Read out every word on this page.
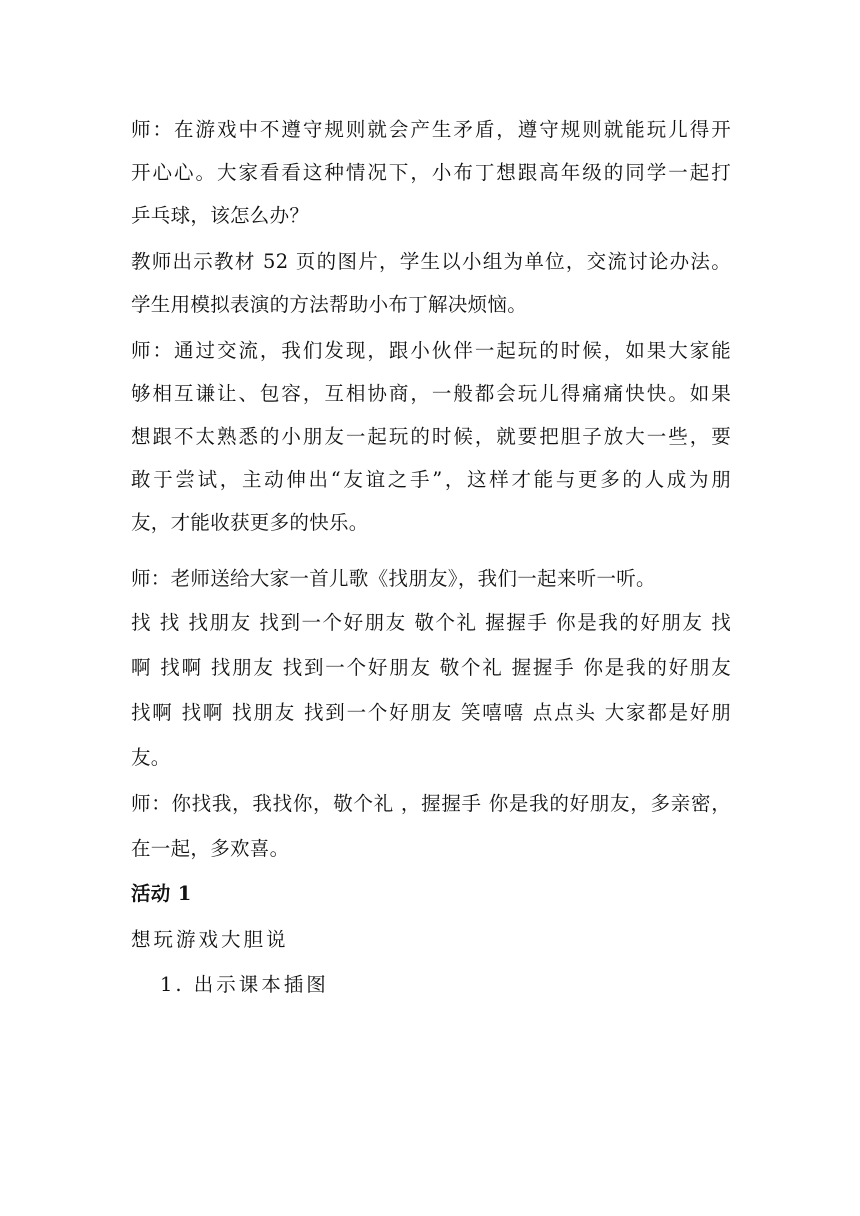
师：在游戏中不遵守规则就会产生矛盾，遵守规则就能玩儿得开
开心心。大家看看这种情况下，小布丁想跟高年级的同学一起打
乒乓球，该怎么办？
教师出示教材 52 页的图片，学生以小组为单位，交流讨论办法。
学生用模拟表演的方法帮助小布丁解决烦恼。
师：通过交流，我们发现，跟小伙伴一起玩的时候，如果大家能
够相互谦让、包容，互相协商，一般都会玩儿得痛痛快快。如果
想跟不太熟悉的小朋友一起玩的时候，就要把胆子放大一些，要
敢于尝试，主动伸出“友谊之手”，这样才能与更多的人成为朋
友，才能收获更多的快乐。
师：老师送给大家一首儿歌《找朋友》，我们一起来听一听。
找 找 找朋友 找到一个好朋友 敬个礼 握握手 你是我的好朋友 找
啊 找啊 找朋友 找到一个好朋友 敬个礼 握握手 你是我的好朋友
找啊 找啊 找朋友 找到一个好朋友 笑嘻嘻 点点头 大家都是好朋
友。
师：你找我，我找你，敬个礼 ，握握手 你是我的好朋友，多亲密，
在一起，多欢喜。
活动 1
想玩游戏大胆说
1. 出示课本插图
